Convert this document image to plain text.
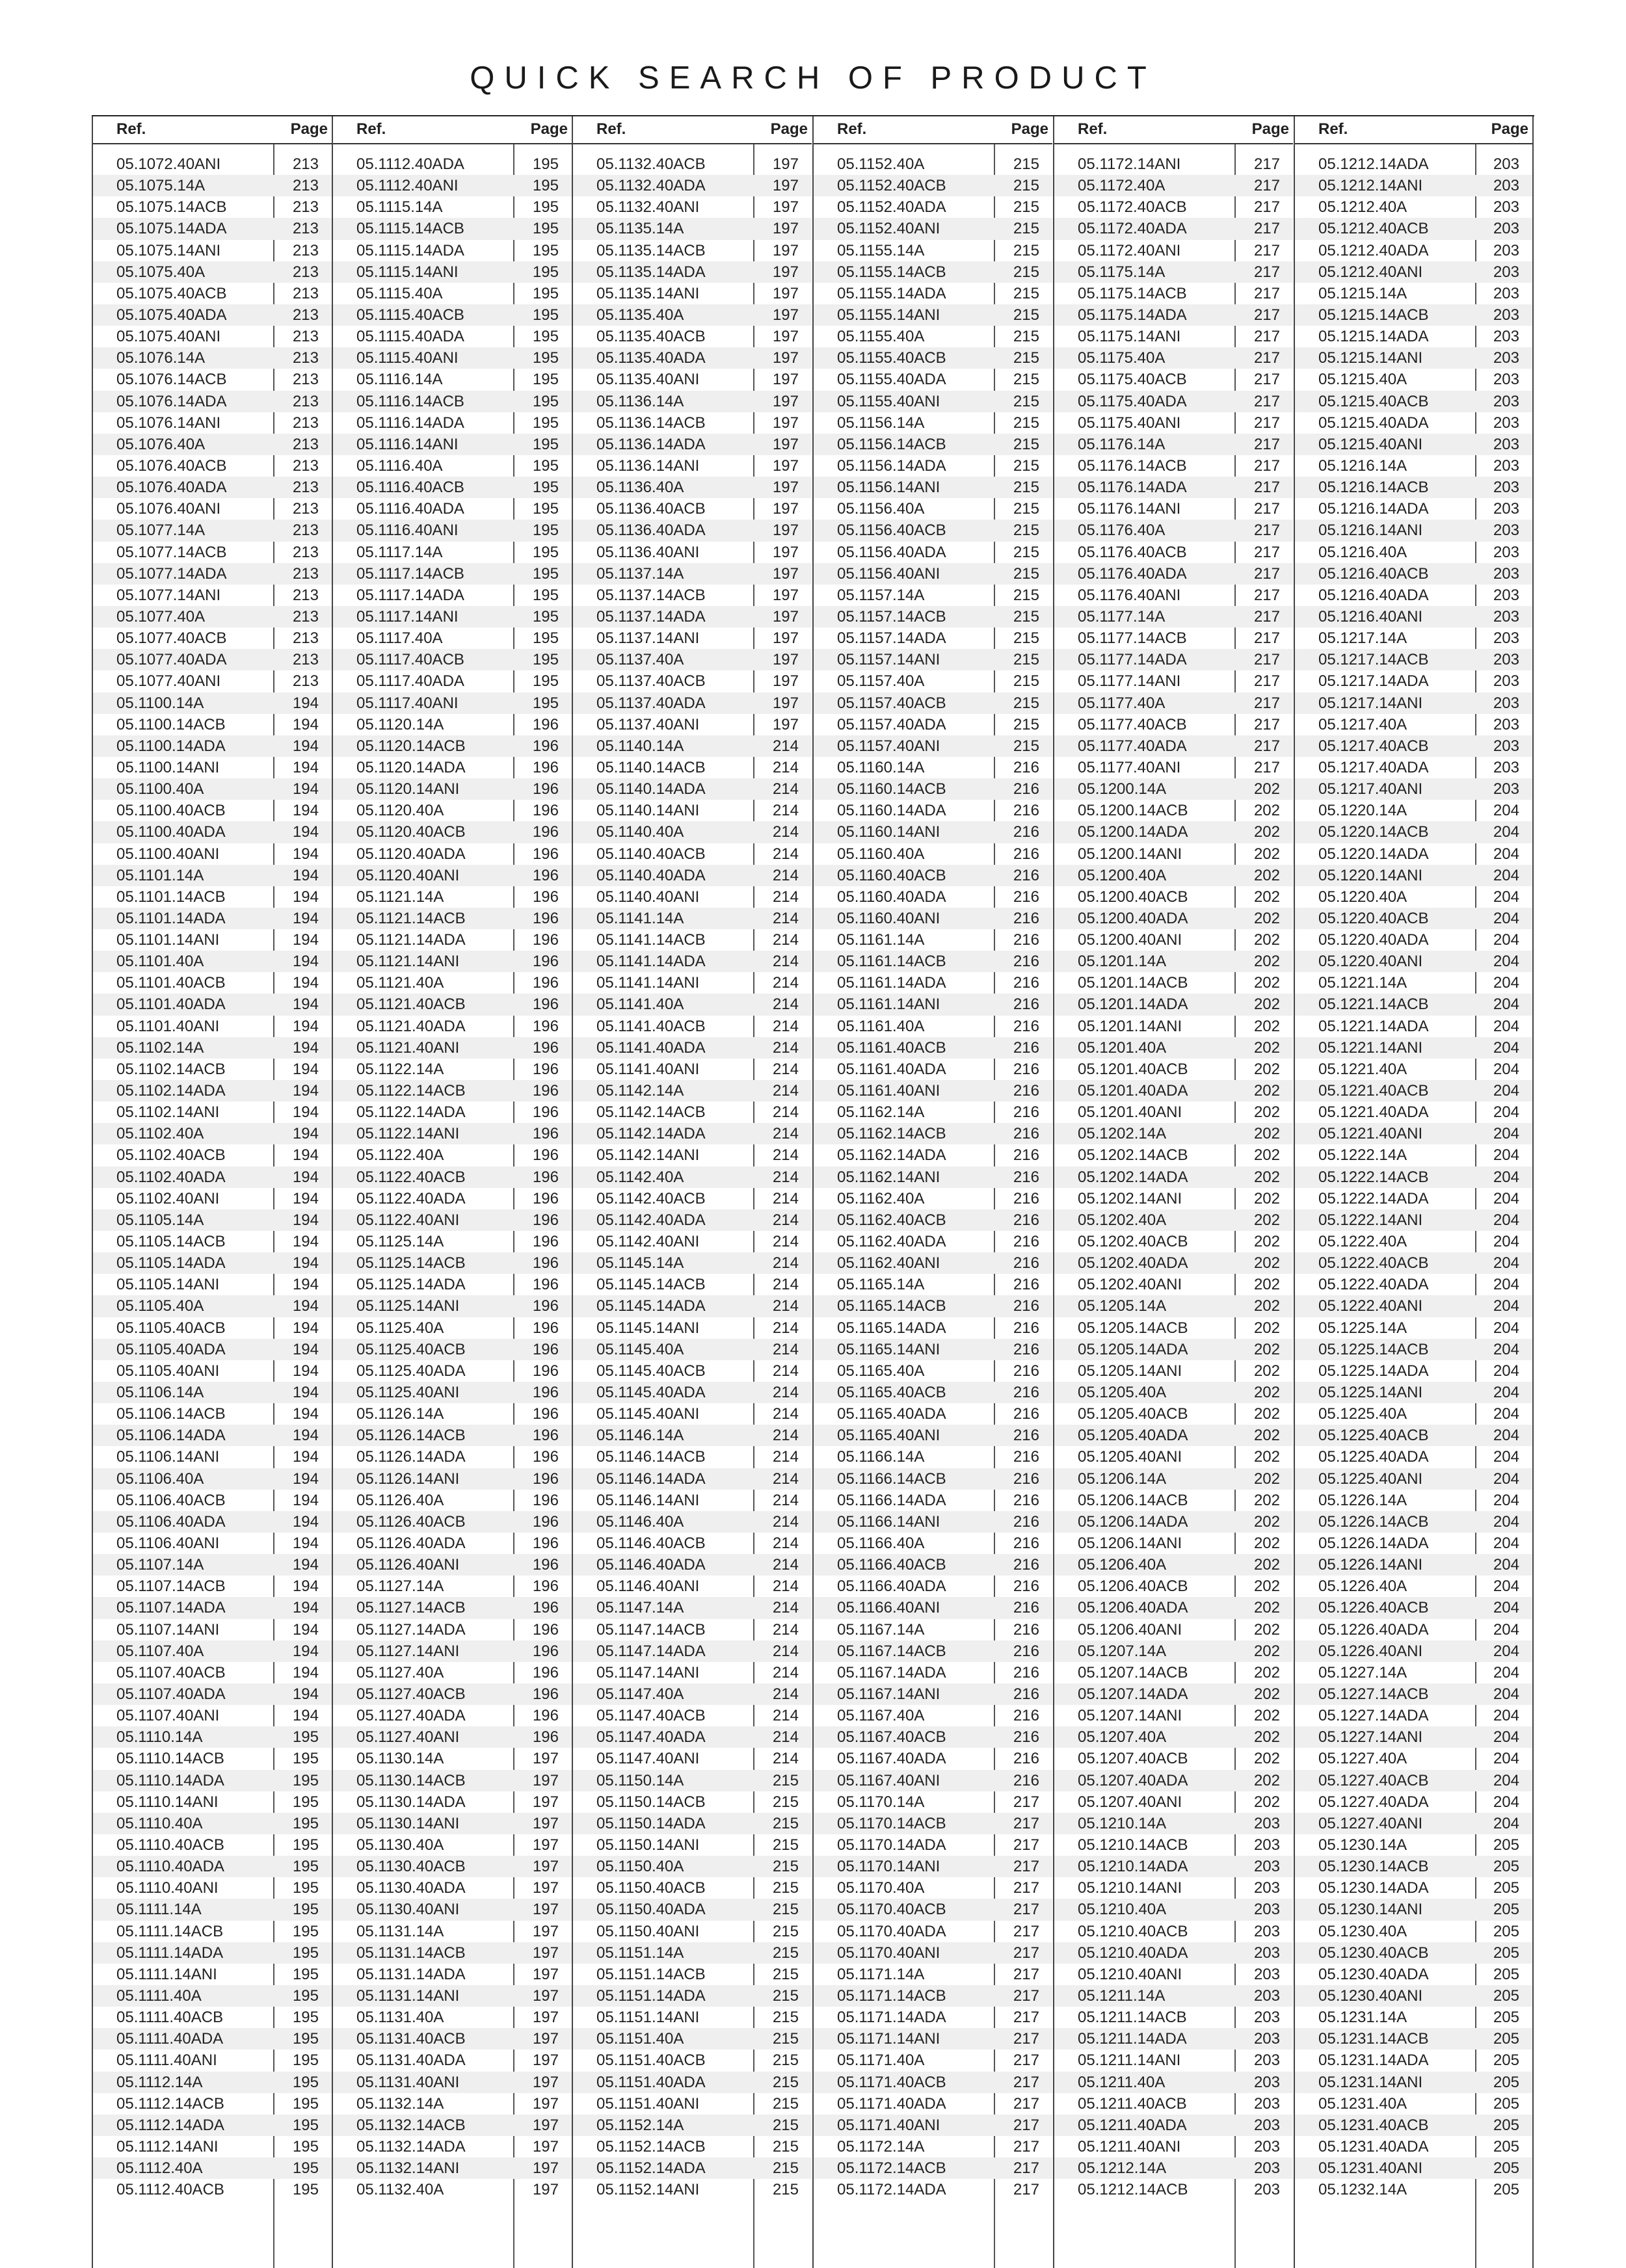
QUICK SEARCH OF PRODUCT
Ref.	Page
05.1072.40ANI	213
05.1075.14A	213
05.1075.14ACB	213
05.1075.14ADA	213
05.1075.14ANI	213
05.1075.40A	213
05.1075.40ACB	213
05.1075.40ADA	213
05.1075.40ANI	213
05.1076.14A	213
05.1076.14ACB	213
05.1076.14ADA	213
05.1076.14ANI	213
05.1076.40A	213
05.1076.40ACB	213
05.1076.40ADA	213
05.1076.40ANI	213
05.1077.14A	213
05.1077.14ACB	213
05.1077.14ADA	213
05.1077.14ANI	213
05.1077.40A	213
05.1077.40ACB	213
05.1077.40ADA	213
05.1077.40ANI	213
05.1100.14A	194
05.1100.14ACB	194
05.1100.14ADA	194
05.1100.14ANI	194
05.1100.40A	194
05.1100.40ACB	194
05.1100.40ADA	194
05.1100.40ANI	194
05.1101.14A	194
05.1101.14ACB	194
05.1101.14ADA	194
05.1101.14ANI	194
05.1101.40A	194
05.1101.40ACB	194
05.1101.40ADA	194
05.1101.40ANI	194
05.1102.14A	194
05.1102.14ACB	194
05.1102.14ADA	194
05.1102.14ANI	194
05.1102.40A	194
05.1102.40ACB	194
05.1102.40ADA	194
05.1102.40ANI	194
05.1105.14A	194
05.1105.14ACB	194
05.1105.14ADA	194
05.1105.14ANI	194
05.1105.40A	194
05.1105.40ACB	194
05.1105.40ADA	194
05.1105.40ANI	194
05.1106.14A	194
05.1106.14ACB	194
05.1106.14ADA	194
05.1106.14ANI	194
05.1106.40A	194
05.1106.40ACB	194
05.1106.40ADA	194
05.1106.40ANI	194
05.1107.14A	194
05.1107.14ACB	194
05.1107.14ADA	194
05.1107.14ANI	194
05.1107.40A	194
05.1107.40ACB	194
05.1107.40ADA	194
05.1107.40ANI	194
05.1110.14A	195
05.1110.14ACB	195
05.1110.14ADA	195
05.1110.14ANI	195
05.1110.40A	195
05.1110.40ACB	195
05.1110.40ADA	195
05.1110.40ANI	195
05.1111.14A	195
05.1111.14ACB	195
05.1111.14ADA	195
05.1111.14ANI	195
05.1111.40A	195
05.1111.40ACB	195
05.1111.40ADA	195
05.1111.40ANI	195
05.1112.14A	195
05.1112.14ACB	195
05.1112.14ADA	195
05.1112.14ANI	195
05.1112.40A	195
05.1112.40ACB	195
Ref.	Page
05.1112.40ADA	195
05.1112.40ANI	195
05.1115.14A	195
05.1115.14ACB	195
05.1115.14ADA	195
05.1115.14ANI	195
05.1115.40A	195
05.1115.40ACB	195
05.1115.40ADA	195
05.1115.40ANI	195
05.1116.14A	195
05.1116.14ACB	195
05.1116.14ADA	195
05.1116.14ANI	195
05.1116.40A	195
05.1116.40ACB	195
05.1116.40ADA	195
05.1116.40ANI	195
05.1117.14A	195
05.1117.14ACB	195
05.1117.14ADA	195
05.1117.14ANI	195
05.1117.40A	195
05.1117.40ACB	195
05.1117.40ADA	195
05.1117.40ANI	195
05.1120.14A	196
05.1120.14ACB	196
05.1120.14ADA	196
05.1120.14ANI	196
05.1120.40A	196
05.1120.40ACB	196
05.1120.40ADA	196
05.1120.40ANI	196
05.1121.14A	196
05.1121.14ACB	196
05.1121.14ADA	196
05.1121.14ANI	196
05.1121.40A	196
05.1121.40ACB	196
05.1121.40ADA	196
05.1121.40ANI	196
05.1122.14A	196
05.1122.14ACB	196
05.1122.14ADA	196
05.1122.14ANI	196
05.1122.40A	196
05.1122.40ACB	196
05.1122.40ADA	196
05.1122.40ANI	196
05.1125.14A	196
05.1125.14ACB	196
05.1125.14ADA	196
05.1125.14ANI	196
05.1125.40A	196
05.1125.40ACB	196
05.1125.40ADA	196
05.1125.40ANI	196
05.1126.14A	196
05.1126.14ACB	196
05.1126.14ADA	196
05.1126.14ANI	196
05.1126.40A	196
05.1126.40ACB	196
05.1126.40ADA	196
05.1126.40ANI	196
05.1127.14A	196
05.1127.14ACB	196
05.1127.14ADA	196
05.1127.14ANI	196
05.1127.40A	196
05.1127.40ACB	196
05.1127.40ADA	196
05.1127.40ANI	196
05.1130.14A	197
05.1130.14ACB	197
05.1130.14ADA	197
05.1130.14ANI	197
05.1130.40A	197
05.1130.40ACB	197
05.1130.40ADA	197
05.1130.40ANI	197
05.1131.14A	197
05.1131.14ACB	197
05.1131.14ADA	197
05.1131.14ANI	197
05.1131.40A	197
05.1131.40ACB	197
05.1131.40ADA	197
05.1131.40ANI	197
05.1132.14A	197
05.1132.14ACB	197
05.1132.14ADA	197
05.1132.14ANI	197
05.1132.40A	197
Ref.	Page
05.1132.40ACB	197
05.1132.40ADA	197
05.1132.40ANI	197
05.1135.14A	197
05.1135.14ACB	197
05.1135.14ADA	197
05.1135.14ANI	197
05.1135.40A	197
05.1135.40ACB	197
05.1135.40ADA	197
05.1135.40ANI	197
05.1136.14A	197
05.1136.14ACB	197
05.1136.14ADA	197
05.1136.14ANI	197
05.1136.40A	197
05.1136.40ACB	197
05.1136.40ADA	197
05.1136.40ANI	197
05.1137.14A	197
05.1137.14ACB	197
05.1137.14ADA	197
05.1137.14ANI	197
05.1137.40A	197
05.1137.40ACB	197
05.1137.40ADA	197
05.1137.40ANI	197
05.1140.14A	214
05.1140.14ACB	214
05.1140.14ADA	214
05.1140.14ANI	214
05.1140.40A	214
05.1140.40ACB	214
05.1140.40ADA	214
05.1140.40ANI	214
05.1141.14A	214
05.1141.14ACB	214
05.1141.14ADA	214
05.1141.14ANI	214
05.1141.40A	214
05.1141.40ACB	214
05.1141.40ADA	214
05.1141.40ANI	214
05.1142.14A	214
05.1142.14ACB	214
05.1142.14ADA	214
05.1142.14ANI	214
05.1142.40A	214
05.1142.40ACB	214
05.1142.40ADA	214
05.1142.40ANI	214
05.1145.14A	214
05.1145.14ACB	214
05.1145.14ADA	214
05.1145.14ANI	214
05.1145.40A	214
05.1145.40ACB	214
05.1145.40ADA	214
05.1145.40ANI	214
05.1146.14A	214
05.1146.14ACB	214
05.1146.14ADA	214
05.1146.14ANI	214
05.1146.40A	214
05.1146.40ACB	214
05.1146.40ADA	214
05.1146.40ANI	214
05.1147.14A	214
05.1147.14ACB	214
05.1147.14ADA	214
05.1147.14ANI	214
05.1147.40A	214
05.1147.40ACB	214
05.1147.40ADA	214
05.1147.40ANI	214
05.1150.14A	215
05.1150.14ACB	215
05.1150.14ADA	215
05.1150.14ANI	215
05.1150.40A	215
05.1150.40ACB	215
05.1150.40ADA	215
05.1150.40ANI	215
05.1151.14A	215
05.1151.14ACB	215
05.1151.14ADA	215
05.1151.14ANI	215
05.1151.40A	215
05.1151.40ACB	215
05.1151.40ADA	215
05.1151.40ANI	215
05.1152.14A	215
05.1152.14ACB	215
05.1152.14ADA	215
05.1152.14ANI	215
Ref.	Page
05.1152.40A	215
05.1152.40ACB	215
05.1152.40ADA	215
05.1152.40ANI	215
05.1155.14A	215
05.1155.14ACB	215
05.1155.14ADA	215
05.1155.14ANI	215
05.1155.40A	215
05.1155.40ACB	215
05.1155.40ADA	215
05.1155.40ANI	215
05.1156.14A	215
05.1156.14ACB	215
05.1156.14ADA	215
05.1156.14ANI	215
05.1156.40A	215
05.1156.40ACB	215
05.1156.40ADA	215
05.1156.40ANI	215
05.1157.14A	215
05.1157.14ACB	215
05.1157.14ADA	215
05.1157.14ANI	215
05.1157.40A	215
05.1157.40ACB	215
05.1157.40ADA	215
05.1157.40ANI	215
05.1160.14A	216
05.1160.14ACB	216
05.1160.14ADA	216
05.1160.14ANI	216
05.1160.40A	216
05.1160.40ACB	216
05.1160.40ADA	216
05.1160.40ANI	216
05.1161.14A	216
05.1161.14ACB	216
05.1161.14ADA	216
05.1161.14ANI	216
05.1161.40A	216
05.1161.40ACB	216
05.1161.40ADA	216
05.1161.40ANI	216
05.1162.14A	216
05.1162.14ACB	216
05.1162.14ADA	216
05.1162.14ANI	216
05.1162.40A	216
05.1162.40ACB	216
05.1162.40ADA	216
05.1162.40ANI	216
05.1165.14A	216
05.1165.14ACB	216
05.1165.14ADA	216
05.1165.14ANI	216
05.1165.40A	216
05.1165.40ACB	216
05.1165.40ADA	216
05.1165.40ANI	216
05.1166.14A	216
05.1166.14ACB	216
05.1166.14ADA	216
05.1166.14ANI	216
05.1166.40A	216
05.1166.40ACB	216
05.1166.40ADA	216
05.1166.40ANI	216
05.1167.14A	216
05.1167.14ACB	216
05.1167.14ADA	216
05.1167.14ANI	216
05.1167.40A	216
05.1167.40ACB	216
05.1167.40ADA	216
05.1167.40ANI	216
05.1170.14A	217
05.1170.14ACB	217
05.1170.14ADA	217
05.1170.14ANI	217
05.1170.40A	217
05.1170.40ACB	217
05.1170.40ADA	217
05.1170.40ANI	217
05.1171.14A	217
05.1171.14ACB	217
05.1171.14ADA	217
05.1171.14ANI	217
05.1171.40A	217
05.1171.40ACB	217
05.1171.40ADA	217
05.1171.40ANI	217
05.1172.14A	217
05.1172.14ACB	217
05.1172.14ADA	217
Ref.	Page
05.1172.14ANI	217
05.1172.40A	217
05.1172.40ACB	217
05.1172.40ADA	217
05.1172.40ANI	217
05.1175.14A	217
05.1175.14ACB	217
05.1175.14ADA	217
05.1175.14ANI	217
05.1175.40A	217
05.1175.40ACB	217
05.1175.40ADA	217
05.1175.40ANI	217
05.1176.14A	217
05.1176.14ACB	217
05.1176.14ADA	217
05.1176.14ANI	217
05.1176.40A	217
05.1176.40ACB	217
05.1176.40ADA	217
05.1176.40ANI	217
05.1177.14A	217
05.1177.14ACB	217
05.1177.14ADA	217
05.1177.14ANI	217
05.1177.40A	217
05.1177.40ACB	217
05.1177.40ADA	217
05.1177.40ANI	217
05.1200.14A	202
05.1200.14ACB	202
05.1200.14ADA	202
05.1200.14ANI	202
05.1200.40A	202
05.1200.40ACB	202
05.1200.40ADA	202
05.1200.40ANI	202
05.1201.14A	202
05.1201.14ACB	202
05.1201.14ADA	202
05.1201.14ANI	202
05.1201.40A	202
05.1201.40ACB	202
05.1201.40ADA	202
05.1201.40ANI	202
05.1202.14A	202
05.1202.14ACB	202
05.1202.14ADA	202
05.1202.14ANI	202
05.1202.40A	202
05.1202.40ACB	202
05.1202.40ADA	202
05.1202.40ANI	202
05.1205.14A	202
05.1205.14ACB	202
05.1205.14ADA	202
05.1205.14ANI	202
05.1205.40A	202
05.1205.40ACB	202
05.1205.40ADA	202
05.1205.40ANI	202
05.1206.14A	202
05.1206.14ACB	202
05.1206.14ADA	202
05.1206.14ANI	202
05.1206.40A	202
05.1206.40ACB	202
05.1206.40ADA	202
05.1206.40ANI	202
05.1207.14A	202
05.1207.14ACB	202
05.1207.14ADA	202
05.1207.14ANI	202
05.1207.40A	202
05.1207.40ACB	202
05.1207.40ADA	202
05.1207.40ANI	202
05.1210.14A	203
05.1210.14ACB	203
05.1210.14ADA	203
05.1210.14ANI	203
05.1210.40A	203
05.1210.40ACB	203
05.1210.40ADA	203
05.1210.40ANI	203
05.1211.14A	203
05.1211.14ACB	203
05.1211.14ADA	203
05.1211.14ANI	203
05.1211.40A	203
05.1211.40ACB	203
05.1211.40ADA	203
05.1211.40ANI	203
05.1212.14A	203
05.1212.14ACB	203
Ref.	Page
05.1212.14ADA	203
05.1212.14ANI	203
05.1212.40A	203
05.1212.40ACB	203
05.1212.40ADA	203
05.1212.40ANI	203
05.1215.14A	203
05.1215.14ACB	203
05.1215.14ADA	203
05.1215.14ANI	203
05.1215.40A	203
05.1215.40ACB	203
05.1215.40ADA	203
05.1215.40ANI	203
05.1216.14A	203
05.1216.14ACB	203
05.1216.14ADA	203
05.1216.14ANI	203
05.1216.40A	203
05.1216.40ACB	203
05.1216.40ADA	203
05.1216.40ANI	203
05.1217.14A	203
05.1217.14ACB	203
05.1217.14ADA	203
05.1217.14ANI	203
05.1217.40A	203
05.1217.40ACB	203
05.1217.40ADA	203
05.1217.40ANI	203
05.1220.14A	204
05.1220.14ACB	204
05.1220.14ADA	204
05.1220.14ANI	204
05.1220.40A	204
05.1220.40ACB	204
05.1220.40ADA	204
05.1220.40ANI	204
05.1221.14A	204
05.1221.14ACB	204
05.1221.14ADA	204
05.1221.14ANI	204
05.1221.40A	204
05.1221.40ACB	204
05.1221.40ADA	204
05.1221.40ANI	204
05.1222.14A	204
05.1222.14ACB	204
05.1222.14ADA	204
05.1222.14ANI	204
05.1222.40A	204
05.1222.40ACB	204
05.1222.40ADA	204
05.1222.40ANI	204
05.1225.14A	204
05.1225.14ACB	204
05.1225.14ADA	204
05.1225.14ANI	204
05.1225.40A	204
05.1225.40ACB	204
05.1225.40ADA	204
05.1225.40ANI	204
05.1226.14A	204
05.1226.14ACB	204
05.1226.14ADA	204
05.1226.14ANI	204
05.1226.40A	204
05.1226.40ACB	204
05.1226.40ADA	204
05.1226.40ANI	204
05.1227.14A	204
05.1227.14ACB	204
05.1227.14ADA	204
05.1227.14ANI	204
05.1227.40A	204
05.1227.40ACB	204
05.1227.40ADA	204
05.1227.40ANI	204
05.1230.14A	205
05.1230.14ACB	205
05.1230.14ADA	205
05.1230.14ANI	205
05.1230.40A	205
05.1230.40ACB	205
05.1230.40ADA	205
05.1230.40ANI	205
05.1231.14A	205
05.1231.14ACB	205
05.1231.14ADA	205
05.1231.14ANI	205
05.1231.40A	205
05.1231.40ACB	205
05.1231.40ADA	205
05.1231.40ANI	205
05.1232.14A	205
